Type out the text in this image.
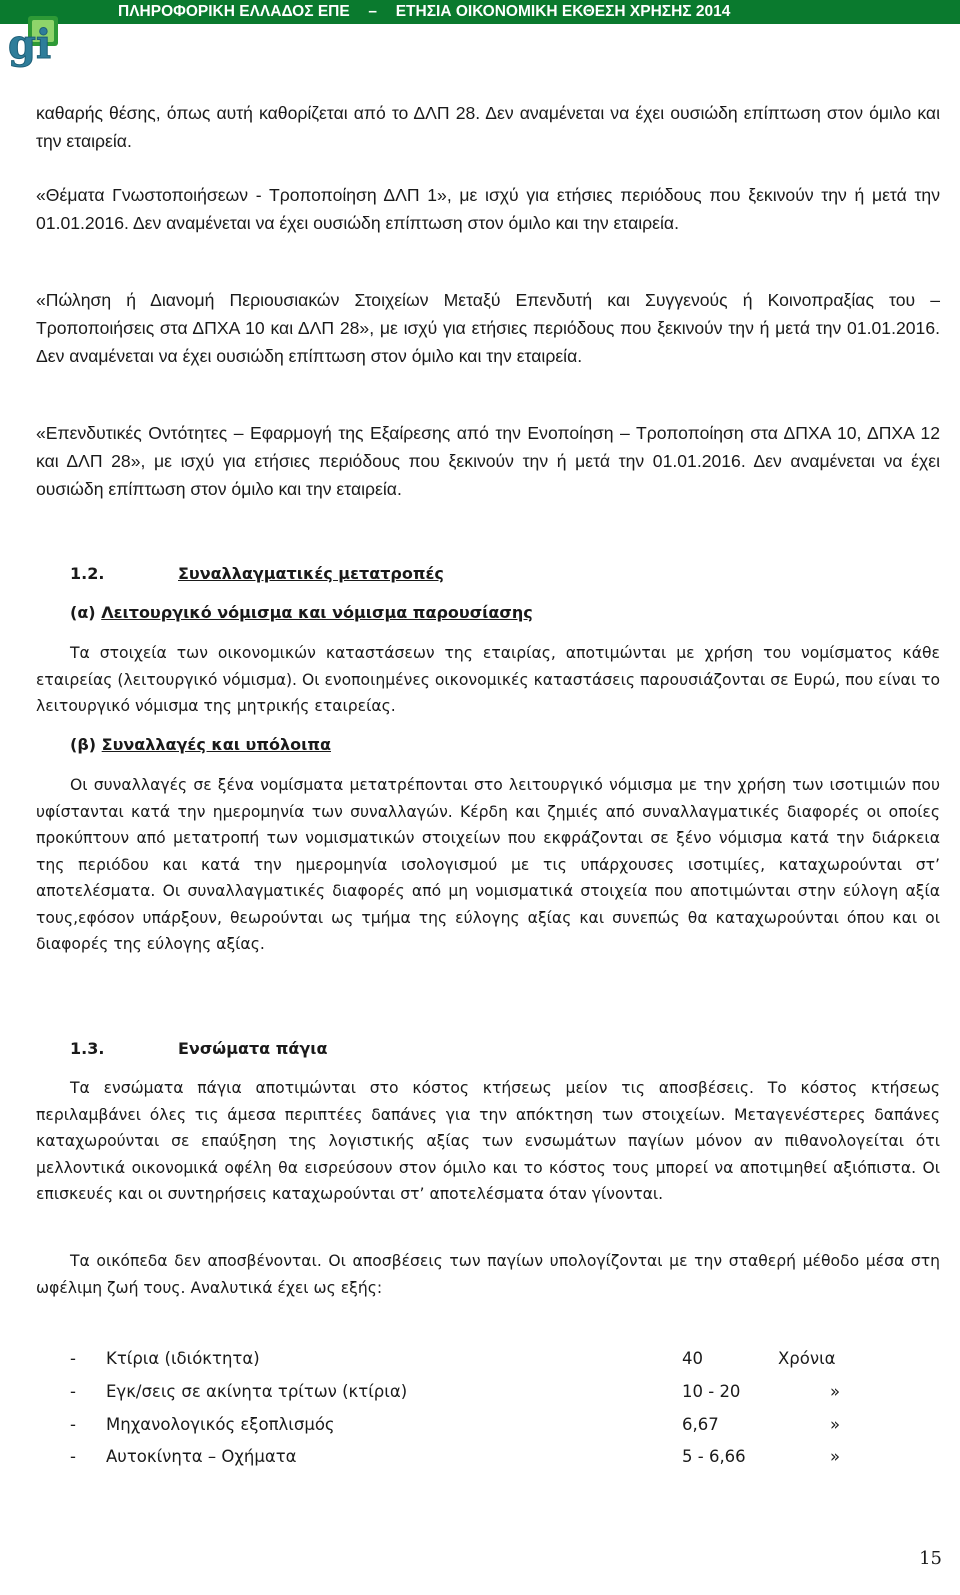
ΠΛΗΡΟΦΟΡΙΚΗ ΕΛΛΑΔΟΣ ΕΠΕ – ΕΤΗΣΙΑ ΟΙΚΟΝΟΜΙΚΗ ΕΚΘΕΣΗ ΧΡΗΣΗΣ 2014
gi

καθαρής θέσης, όπως αυτή καθορίζεται από το ΔΛΠ 28. Δεν αναμένεται να έχει ουσιώδη επίπτωση στον όμιλο και την εταιρεία.

«Θέματα Γνωστοποιήσεων - Τροποποίηση ΔΛΠ 1», με ισχύ για ετήσιες περιόδους που ξεκινούν την ή μετά την 01.01.2016. Δεν αναμένεται να έχει ουσιώδη επίπτωση στον όμιλο και την εταιρεία.

«Πώληση ή Διανομή Περιουσιακών Στοιχείων Μεταξύ Επενδυτή και Συγγενούς ή Κοινοπραξίας του – Τροποποιήσεις στα ΔΠΧΑ 10 και ΔΛΠ 28», με ισχύ για ετήσιες περιόδους που ξεκινούν την ή μετά την 01.01.2016. Δεν αναμένεται να έχει ουσιώδη επίπτωση στον όμιλο και την εταιρεία.

«Επενδυτικές Οντότητες – Εφαρμογή της Εξαίρεσης από την Ενοποίηση – Τροποποίηση στα ΔΠΧΑ 10, ΔΠΧΑ 12 και ΔΛΠ 28», με ισχύ για ετήσιες περιόδους που ξεκινούν την ή μετά την 01.01.2016. Δεν αναμένεται να έχει ουσιώδη επίπτωση στον όμιλο και την εταιρεία.

1.2.	Συναλλαγματικές μετατροπές
(α) Λειτουργικό νόμισμα και νόμισμα παρουσίασης

Τα στοιχεία των οικονομικών καταστάσεων της εταιρίας, αποτιμώνται με χρήση του νομίσματος κάθε εταιρείας (λειτουργικό νόμισμα). Οι ενοποιημένες οικονομικές καταστάσεις παρουσιάζονται σε Ευρώ, που είναι το λειτουργικό νόμισμα της μητρικής εταιρείας.

(β) Συναλλαγές και υπόλοιπα

Οι συναλλαγές σε ξένα νομίσματα μετατρέπονται στο λειτουργικό νόμισμα με την χρήση των ισοτιμιών που υφίστανται κατά την ημερομηνία των συναλλαγών. Κέρδη και ζημιές από συναλλαγματικές διαφορές οι οποίες προκύπτουν από μετατροπή των νομισματικών στοιχείων που εκφράζονται σε ξένο νόμισμα κατά την διάρκεια της περιόδου και κατά την ημερομηνία ισολογισμού με τις υπάρχουσες ισοτιμίες, καταχωρούνται στ’ αποτελέσματα. Οι συναλλαγματικές διαφορές από μη νομισματικά στοιχεία που αποτιμώνται στην εύλογη αξία τους,εφόσον υπάρξουν, θεωρούνται ως τμήμα της εύλογης αξίας και συνεπώς θα καταχωρούνται όπου και οι διαφορές της εύλογης αξίας.

1.3.	Ενσώματα πάγια

Τα ενσώματα πάγια αποτιμώνται στο κόστος κτήσεως μείον τις αποσβέσεις. Το κόστος κτήσεως περιλαμβάνει όλες τις άμεσα περιπτέες δαπάνες για την απόκτηση των στοιχείων. Μεταγενέστερες δαπάνες καταχωρούνται σε επαύξηση της λογιστικής αξίας των ενσωμάτων παγίων μόνον αν πιθανολογείται ότι μελλοντικά οικονομικά οφέλη θα εισρεύσουν στον όμιλο και το κόστος τους μπορεί να αποτιμηθεί αξιόπιστα. Οι επισκευές και οι συντηρήσεις καταχωρούνται στ’ αποτελέσματα όταν γίνονται.

Τα οικόπεδα δεν αποσβένονται. Οι αποσβέσεις των παγίων υπολογίζονται με την σταθερή μέθοδο μέσα στη ωφέλιμη ζωή τους. Αναλυτικά έχει ως εξής:

- Κτίρια (ιδιόκτητα)	40	Χρόνια
- Εγκ/σεις σε ακίνητα τρίτων (κτίρια)	10 - 20	»
- Μηχανολογικός εξοπλισμός	6,67	»
- Αυτοκίνητα – Οχήματα	5 - 6,66	»
15
